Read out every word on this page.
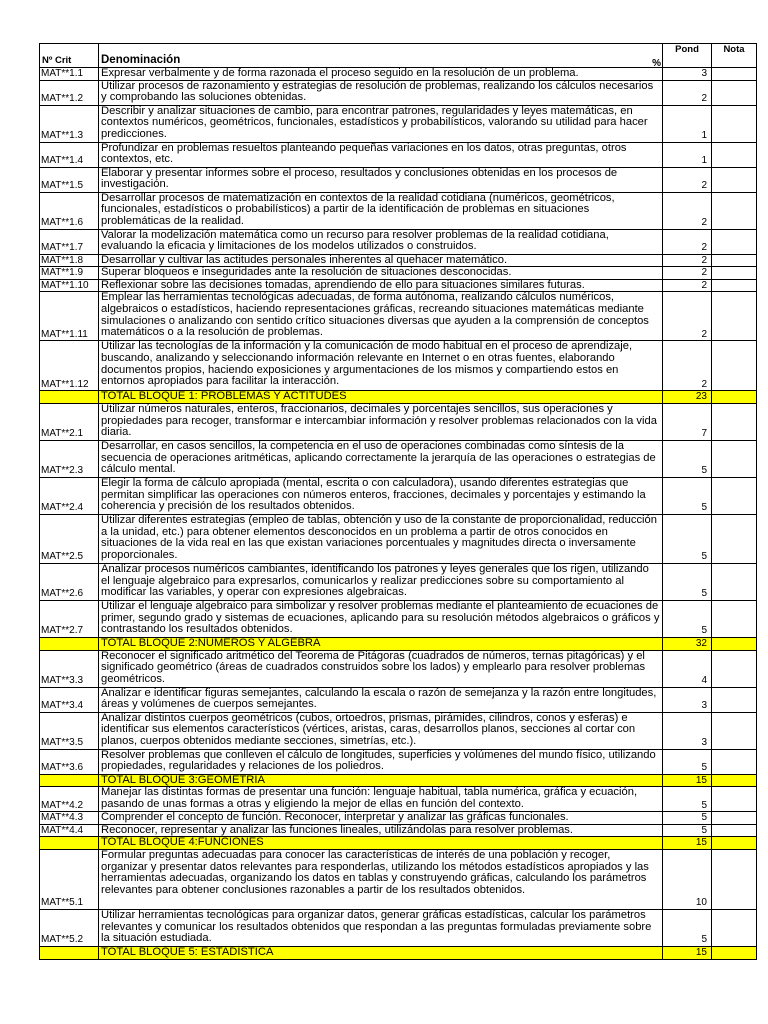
Nº Crit	Denominación %	Pond	Nota
MAT**1.1	Expresar verbalmente y de forma razonada el proceso seguido en la resolución de un problema.	3	
MAT**1.2	Utilizar procesos de razonamiento y estrategias de resolución de problemas, realizando los cálculos necesarios y comprobando las soluciones obtenidas.	2	
MAT**1.3	Describir y analizar situaciones de cambio, para encontrar patrones, regularidades y leyes matemáticas, en contextos numéricos, geométricos, funcionales, estadísticos y probabilísticos, valorando su utilidad para hacer predicciones.	1	
MAT**1.4	Profundizar en problemas resueltos planteando pequeñas variaciones en los datos, otras preguntas, otros contextos, etc.	1	
MAT**1.5	Elaborar y presentar informes sobre el proceso, resultados y conclusiones obtenidas en los procesos de investigación.	2	
MAT**1.6	Desarrollar procesos de matematización en contextos de la realidad cotidiana (numéricos, geométricos, funcionales, estadísticos o probabilísticos) a partir de la identificación de problemas en situaciones problemáticas de la realidad.	2	
MAT**1.7	Valorar la modelización matemática como un recurso para resolver problemas de la realidad cotidiana, evaluando la eficacia y limitaciones de los modelos utilizados o construidos.	2	
MAT**1.8	Desarrollar y cultivar las actitudes personales inherentes al quehacer matemático.	2	
MAT**1.9	Superar bloqueos e inseguridades ante la resolución de situaciones desconocidas.	2	
MAT**1.10	Reflexionar sobre las decisiones tomadas, aprendiendo de ello para situaciones similares futuras.	2	
MAT**1.11	Emplear las herramientas tecnológicas adecuadas, de forma autónoma, realizando cálculos numéricos, algebraicos o estadísticos, haciendo representaciones gráficas, recreando situaciones matemáticas mediante simulaciones o analizando con sentido crítico situaciones diversas que ayuden a la comprensión de conceptos matemáticos o a la resolución de problemas.	2	
MAT**1.12	Utilizar las tecnologías de la información y la comunicación de modo habitual en el proceso de aprendizaje, buscando, analizando y seleccionando información relevante en Internet o en otras fuentes, elaborando documentos propios, haciendo exposiciones y argumentaciones de los mismos y compartiendo estos en entornos apropiados para facilitar la interacción.	2	
	TOTAL BLOQUE 1: PROBLEMAS Y ACTITUDES	23	
MAT**2.1	Utilizar números naturales, enteros, fraccionarios, decimales y porcentajes sencillos, sus operaciones y propiedades para recoger, transformar e intercambiar información y resolver problemas relacionados con la vida diaria.	7	
MAT**2.3	Desarrollar, en casos sencillos, la competencia en el uso de operaciones combinadas como síntesis de la secuencia de operaciones aritméticas, aplicando correctamente la jerarquía de las operaciones o estrategias de cálculo mental.	5	
MAT**2.4	Elegir la forma de cálculo apropiada (mental, escrita o con calculadora), usando diferentes estrategias que permitan simplificar las operaciones con números enteros, fracciones, decimales y porcentajes y estimando la coherencia y precisión de los resultados obtenidos.	5	
MAT**2.5	Utilizar diferentes estrategias (empleo de tablas, obtención y uso de la constante de proporcionalidad, reducción a la unidad, etc.) para obtener elementos desconocidos en un problema a partir de otros conocidos en situaciones de la vida real en las que existan variaciones porcentuales y magnitudes directa o inversamente proporcionales.	5	
MAT**2.6	Analizar procesos numéricos cambiantes, identificando los patrones y leyes generales que los rigen, utilizando el lenguaje algebraico para expresarlos, comunicarlos y realizar predicciones sobre su comportamiento al modificar las variables, y operar con expresiones algebraicas.	5	
MAT**2.7	Utilizar el lenguaje algebraico para simbolizar y resolver problemas mediante el planteamiento de ecuaciones de primer, segundo grado y sistemas de ecuaciones, aplicando para su resolución métodos algebraicos o gráficos y contrastando los resultados obtenidos.	5	
	TOTAL BLOQUE 2:NUMEROS Y ALGEBRA	32	
MAT**3.3	Reconocer el significado aritmético del Teorema de Pitágoras (cuadrados de números, ternas pitagóricas) y el significado geométrico (áreas de cuadrados construidos sobre los lados) y emplearlo para resolver problemas geométricos.	4	
MAT**3.4	Analizar e identificar figuras semejantes, calculando la escala o razón de semejanza y la razón entre longitudes, áreas y volúmenes de cuerpos semejantes.	3	
MAT**3.5	Analizar distintos cuerpos geométricos (cubos, ortoedros, prismas, pirámides, cilindros, conos y esferas) e identificar sus elementos característicos (vértices, aristas, caras, desarrollos planos, secciones al cortar con planos, cuerpos obtenidos mediante secciones, simetrías, etc.).	3	
MAT**3.6	Resolver problemas que conlleven el cálculo de longitudes, superficies y volúmenes del mundo físico, utilizando propiedades, regularidades y relaciones de los poliedros.	5	
	TOTAL BLOQUE 3:GEOMETRIA	15	
MAT**4.2	Manejar las distintas formas de presentar una función: lenguaje habitual, tabla numérica, gráfica y ecuación, pasando de unas formas a otras y eligiendo la mejor de ellas en función del contexto.	5	
MAT**4.3	Comprender el concepto de función. Reconocer, interpretar y analizar las gráficas funcionales.	5	
MAT**4.4	Reconocer, representar y analizar las funciones lineales, utilizándolas para resolver problemas.	5	
	TOTAL BLOQUE 4:FUNCIONES	15	
MAT**5.1	Formular preguntas adecuadas para conocer las características de interés de una población y recoger, organizar y presentar datos relevantes para responderlas, utilizando los métodos estadísticos apropiados y las herramientas adecuadas, organizando los datos en tablas y construyendo gráficas, calculando los parámetros relevantes para obtener conclusiones razonables a partir de los resultados obtenidos.	10	
MAT**5.2	Utilizar herramientas tecnológicas para organizar datos, generar gráficas estadísticas, calcular los parámetros relevantes y comunicar los resultados obtenidos que respondan a las preguntas formuladas previamente sobre la situación estudiada.	5	
	TOTAL BLOQUE 5: ESTADISTICA	15	
